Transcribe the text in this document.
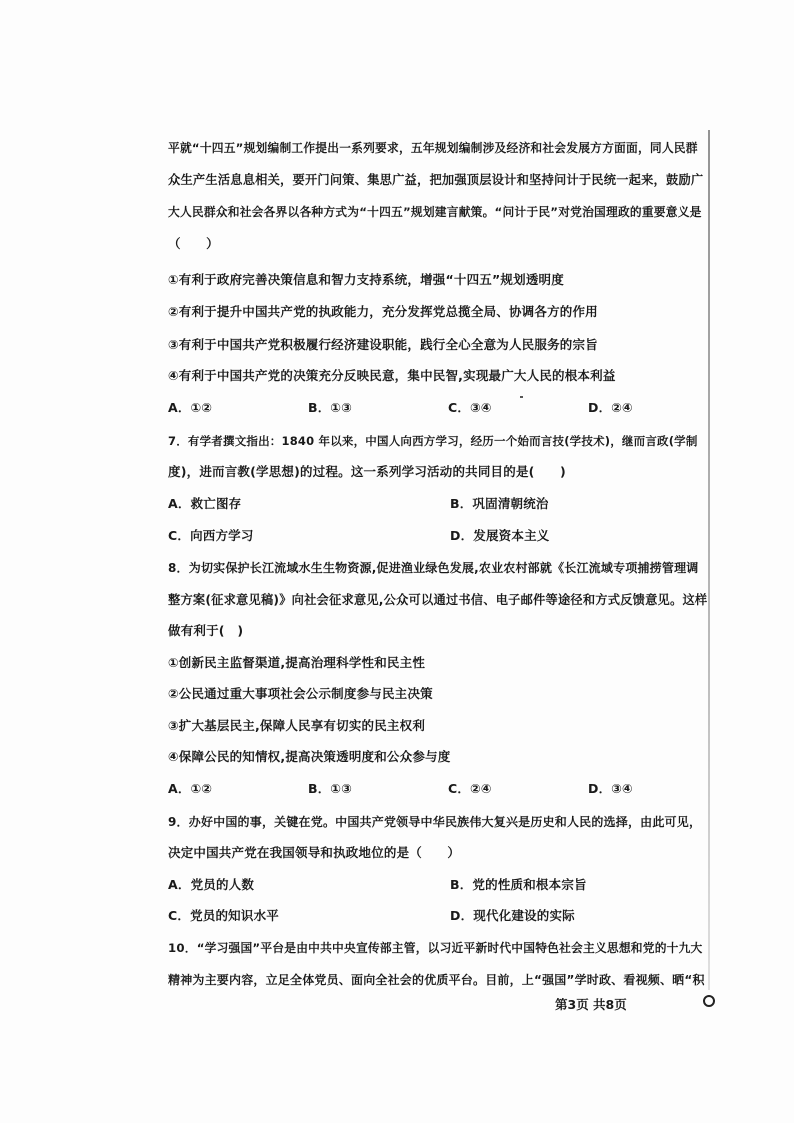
平就“十四五”规划编制工作提出一系列要求，五年规划编制涉及经济和社会发展方方面面，同人民群
众生产生活息息相关，要开门问策、集思广益，把加强顶层设计和坚持问计于民统一起来，鼓励广
大人民群众和社会各界以各种方式为“十四五”规划建言献策。“问计于民”对党治国理政的重要意义是
（　　）
①有利于政府完善决策信息和智力支持系统，增强“十四五”规划透明度
②有利于提升中国共产党的执政能力，充分发挥党总揽全局、协调各方的作用
③有利于中国共产党积极履行经济建设职能，践行全心全意为人民服务的宗旨
④有利于中国共产党的决策充分反映民意，集中民智,实现最广大人民的根本利益
A．①②	B．①③	C．③④	D．②④
7．有学者撰文指出：1840 年以来，中国人向西方学习，经历一个始而言技(学技术)，继而言政(学制
度)，进而言教(学思想)的过程。这一系列学习活动的共同目的是(　　)
A．救亡图存	B．巩固清朝统治
C．向西方学习	D．发展资本主义
8．为切实保护长江流域水生生物资源,促进渔业绿色发展,农业农村部就《长江流域专项捕捞管理调
整方案(征求意见稿)》向社会征求意见,公众可以通过书信、电子邮件等途径和方式反馈意见。这样
做有利于(　)
①创新民主监督渠道,提高治理科学性和民主性
②公民通过重大事项社会公示制度参与民主决策
③扩大基层民主,保障人民享有切实的民主权利
④保障公民的知情权,提高决策透明度和公众参与度
A．①②	B．①③	C．②④	D．③④
9．办好中国的事，关键在党。中国共产党领导中华民族伟大复兴是历史和人民的选择，由此可见，
决定中国共产党在我国领导和执政地位的是（　　）
A．党员的人数	B．党的性质和根本宗旨
C．党员的知识水平	D．现代化建设的实际
10．“学习强国”平台是由中共中央宣传部主管，以习近平新时代中国特色社会主义思想和党的十九大
精神为主要内容，立足全体党员、面向全社会的优质平台。目前，上“强国”学时政、看视频、晒“积
第3页 共8页
